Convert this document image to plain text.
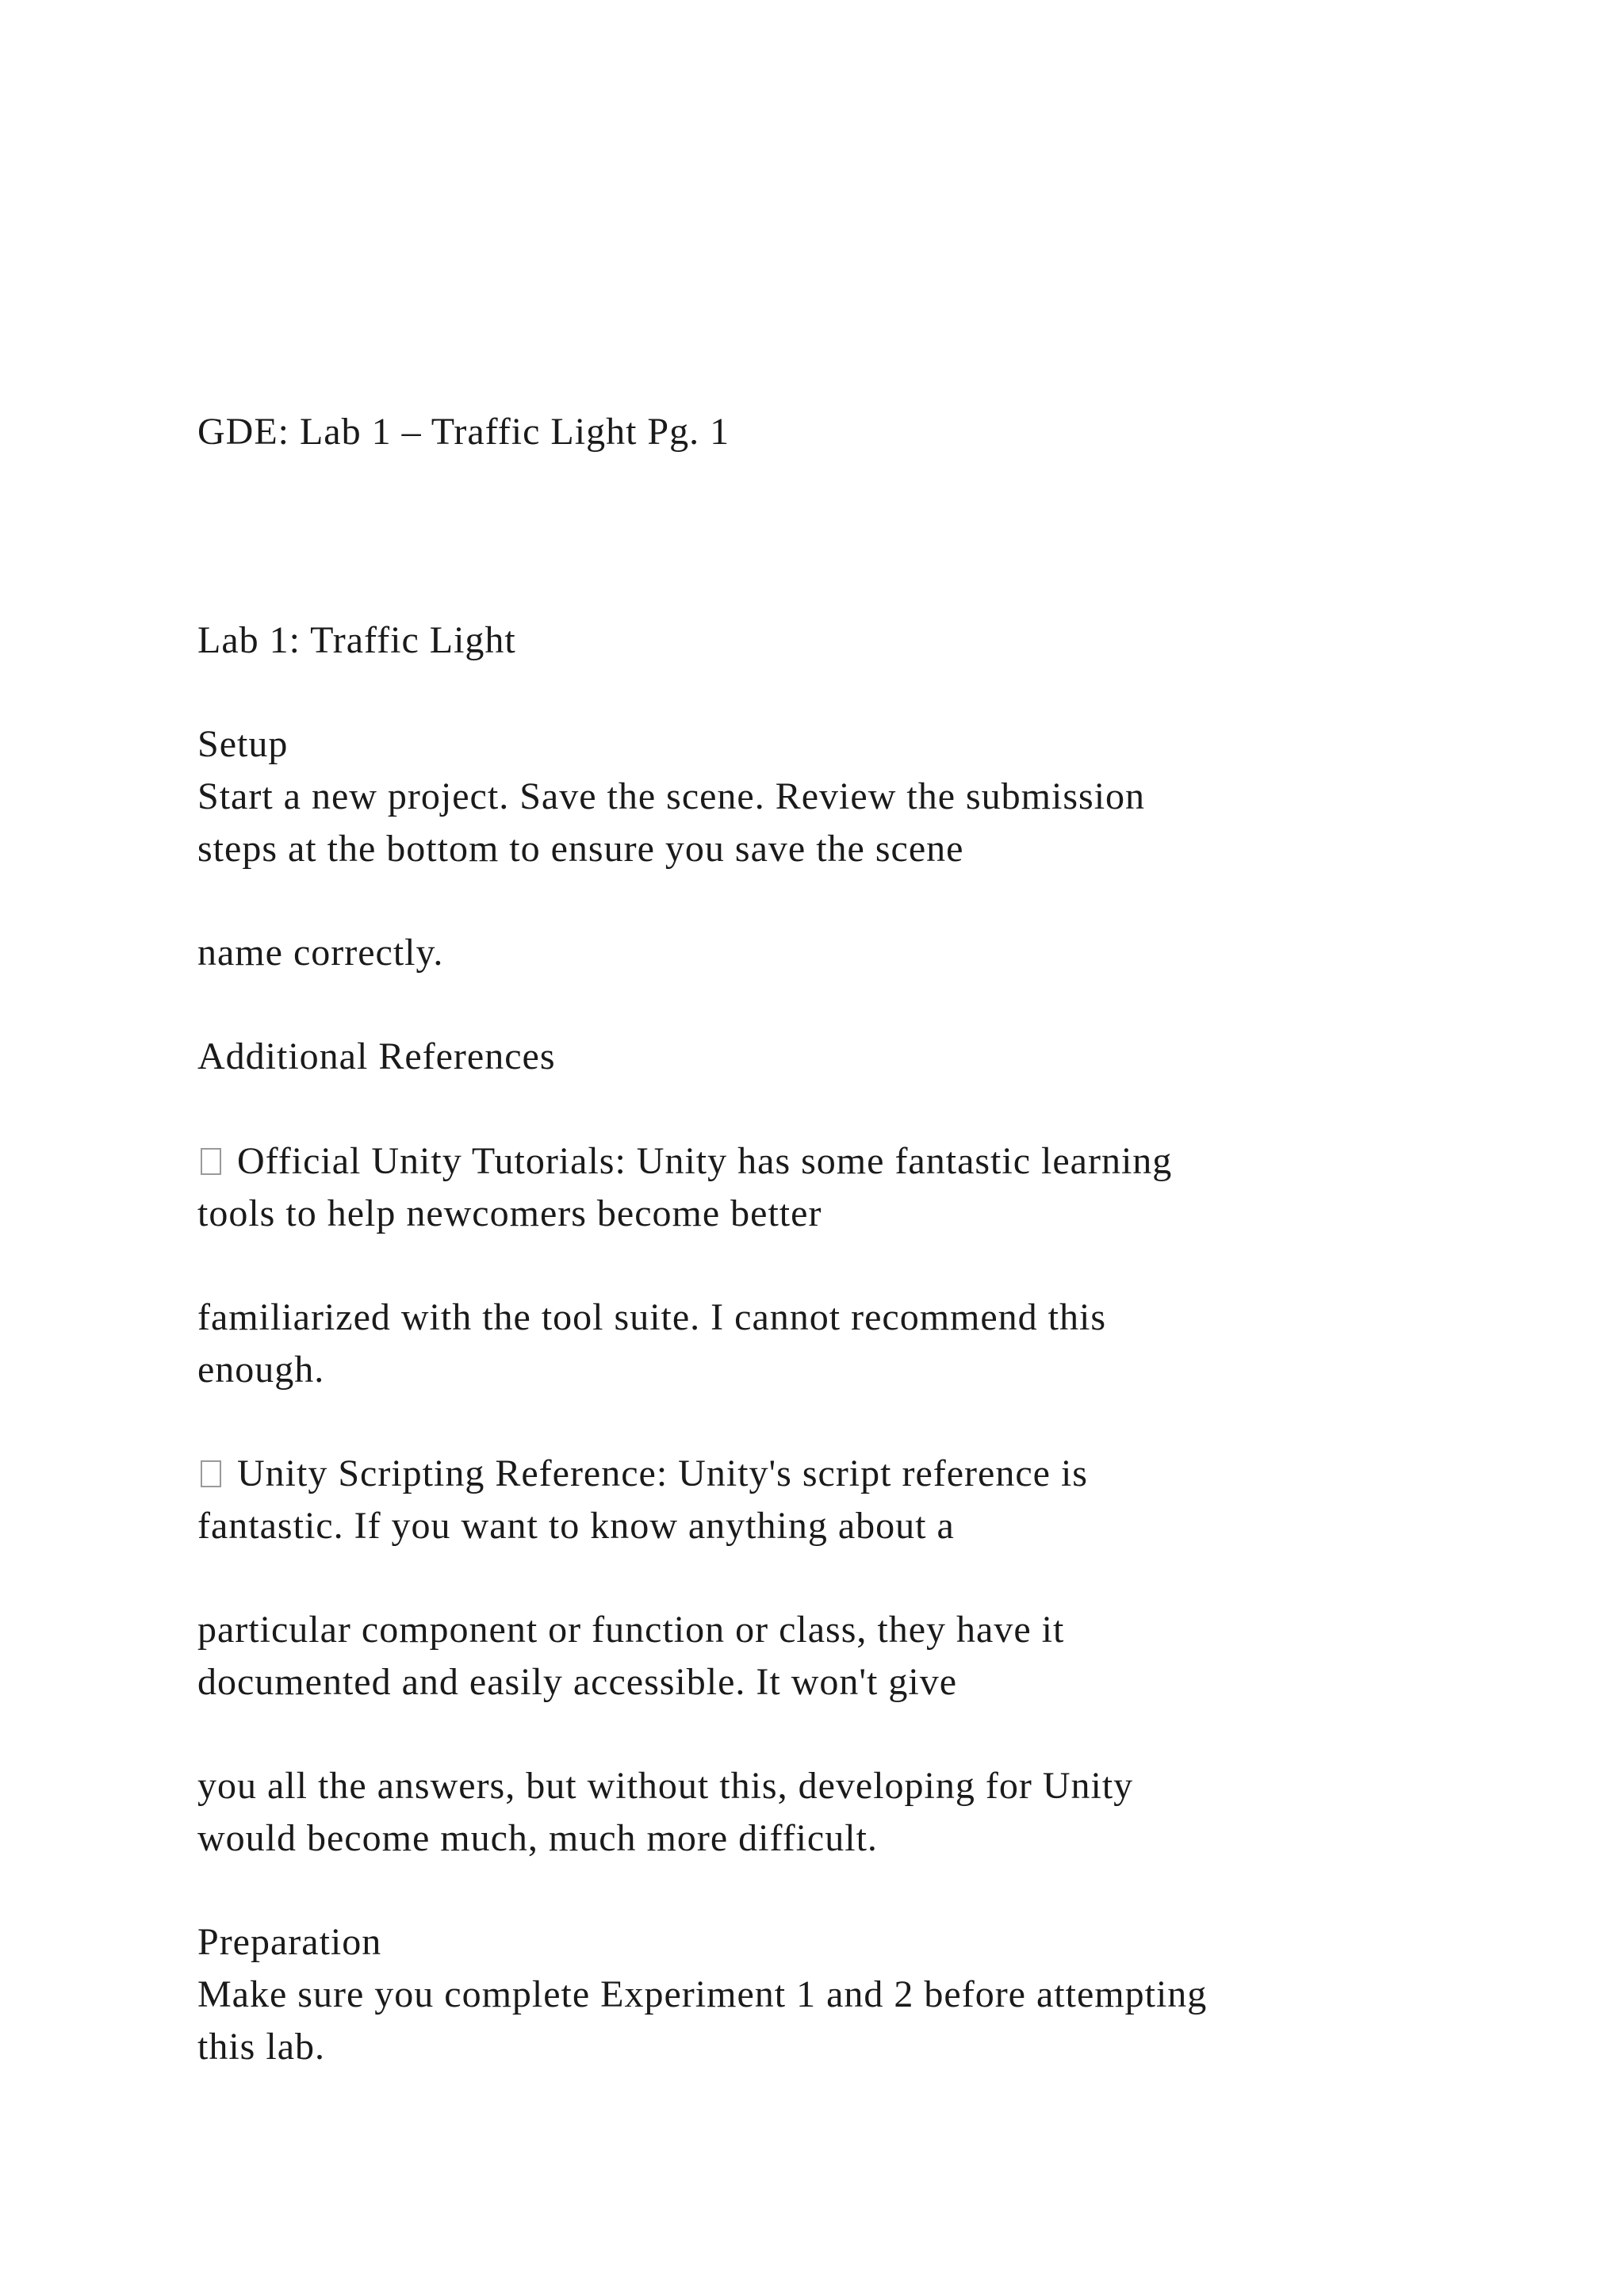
GDE: Lab 1 – Traffic Light Pg. 1
Lab 1: Traffic Light
Setup
Start a new project. Save the scene. Review the submission
steps at the bottom to ensure you save the scene
name correctly.
Additional References
Official Unity Tutorials: Unity has some fantastic learning
tools to help newcomers become better
familiarized with the tool suite. I cannot recommend this
enough.
Unity Scripting Reference: Unity's script reference is
fantastic. If you want to know anything about a
particular component or function or class, they have it
documented and easily accessible. It won't give
you all the answers, but without this, developing for Unity
would become much, much more difficult.
Preparation
Make sure you complete Experiment 1 and 2 before attempting
this lab.
